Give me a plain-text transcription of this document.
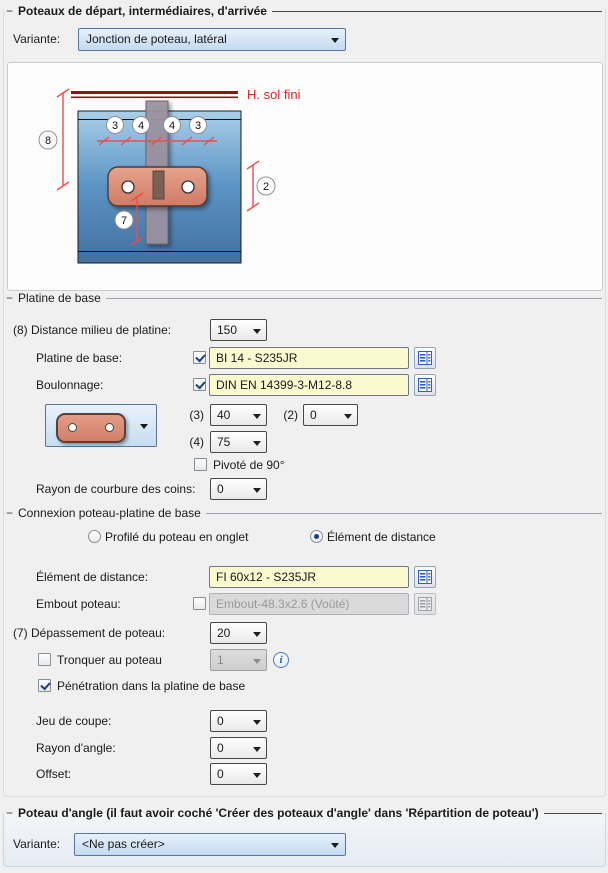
− Poteaux de départ, intermédiaires, d'arrivée
Variante:	Jonction de poteau, latéral
H. sol fini
8
3 4 4 3
2
7
− Platine de base
(8) Distance milieu de platine:	150
Platine de base:	BI 14 - S235JR
Boulonnage:	DIN EN 14399-3-M12-8.8
(3)	40	(2)	0
(4)	75
Pivoté de 90°
Rayon de courbure des coins:	0
− Connexion poteau-platine de base
Profilé du poteau en onglet	Élément de distance
Élément de distance:	FI 60x12 - S235JR
Embout poteau:	Embout-48.3x2.6 (Voûté)
(7) Dépassement de poteau:	20
Tronquer au poteau	1	i
Pénétration dans la platine de base
Jeu de coupe:	0
Rayon d'angle:	0
Offset:	0
− Poteau d'angle (il faut avoir coché 'Créer des poteaux d'angle' dans 'Répartition de poteau')
Variante:	<Ne pas créer>
